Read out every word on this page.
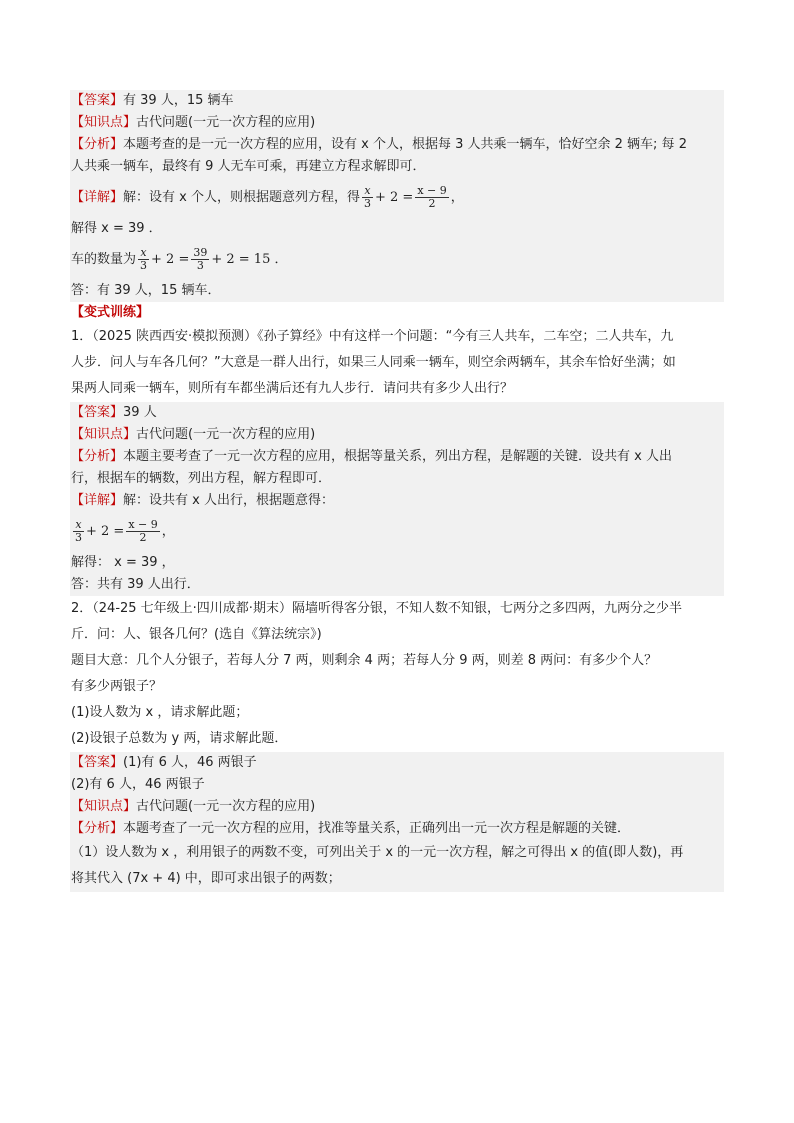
【答案】有 39 人，15 辆车
【知识点】古代问题(一元一次方程的应用)
【分析】本题考查的是一元一次方程的应用，设有 x 个人，根据每 3 人共乘一辆车，恰好空余 2 辆车; 每 2
人共乘一辆车，最终有 9 人无车可乘，再建立方程求解即可．
【详解】解：设有 x 个人，则根据题意列方程，得 $\frac{x}{3} + 2 = \frac{x - 9}{2}$ ，
解得 x = 39 ．
车的数量为 $\frac{x}{3} + 2 = \frac{39}{3} + 2 = 15$ ．
答：有 39 人，15 辆车．
【变式训练】
1．（2025 陕西西安·模拟预测）《孙子算经》中有这样一个问题：“今有三人共车，二车空；二人共车，九
人步．问人与车各几何？”大意是一群人出行，如果三人同乘一辆车，则空余两辆车，其余车恰好坐满；如
果两人同乘一辆车，则所有车都坐满后还有九人步行．请问共有多少人出行？
【答案】39 人
【知识点】古代问题(一元一次方程的应用)
【分析】本题主要考查了一元一次方程的应用，根据等量关系，列出方程，是解题的关键．设共有 x 人出
行，根据车的辆数，列出方程，解方程即可．
【详解】解：设共有 x 人出行，根据题意得：
$\frac{x}{3} + 2 = \frac{x - 9}{2}$ ，
解得： x = 39 ，
答：共有 39 人出行．
2．（24-25 七年级上·四川成都·期末）隔墙听得客分银，不知人数不知银，七两分之多四两，九两分之少半
斤．问：人、银各几何？(选自《算法统宗》)
题目大意：几个人分银子，若每人分 7 两，则剩余 4 两；若每人分 9 两，则差 8 两问：有多少个人？
有多少两银子？
(1)设人数为 x ，请求解此题；
(2)设银子总数为 y 两，请求解此题．
【答案】(1)有 6 人，46 两银子
(2)有 6 人，46 两银子
【知识点】古代问题(一元一次方程的应用)
【分析】本题考查了一元一次方程的应用，找准等量关系，正确列出一元一次方程是解题的关键．
（1）设人数为 x ，利用银子的两数不变，可列出关于 x 的一元一次方程，解之可得出 x 的值(即人数)，再
将其代入 (7x + 4) 中，即可求出银子的两数；
